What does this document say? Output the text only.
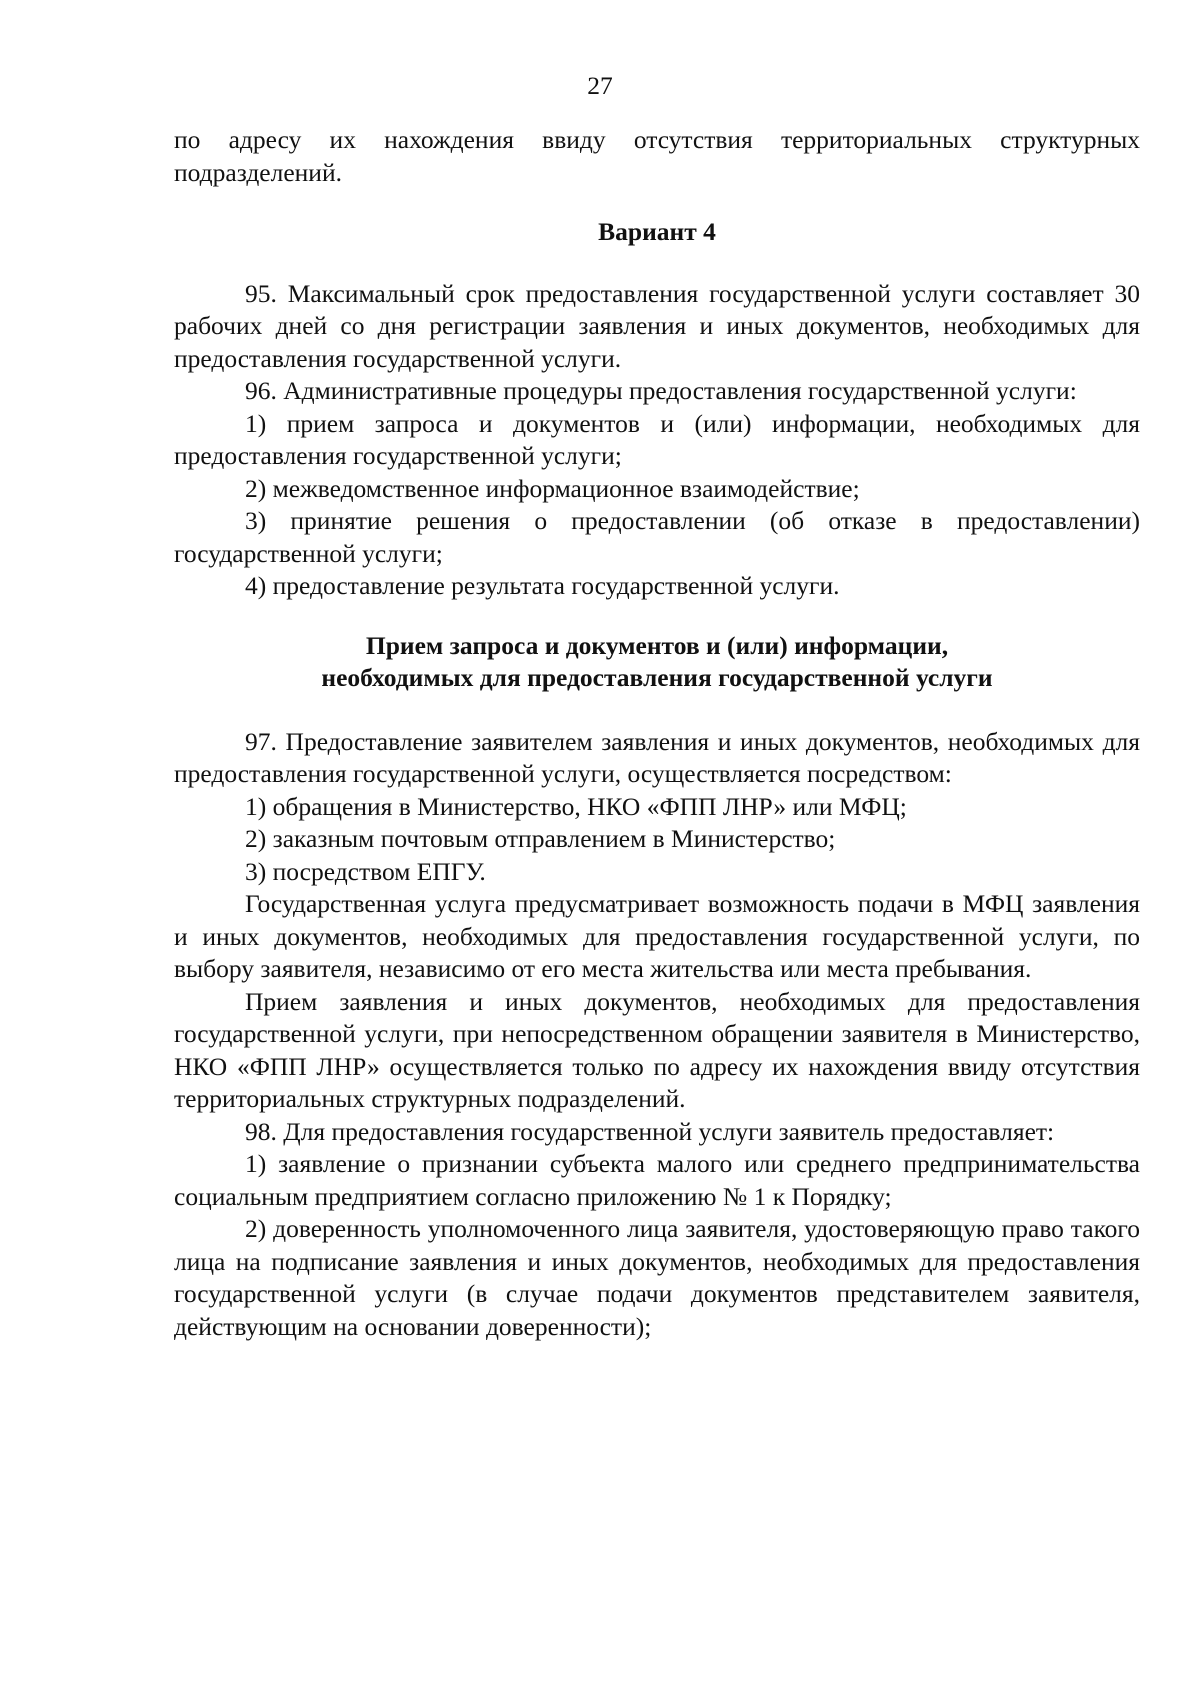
27

по адресу их нахождения ввиду отсутствия территориальных структурных подразделений.

Вариант 4

95. Максимальный срок предоставления государственной услуги составляет 30 рабочих дней со дня регистрации заявления и иных документов, необходимых для предоставления государственной услуги.

96. Административные процедуры предоставления государственной услуги:

1) прием запроса и документов и (или) информации, необходимых для предоставления государственной услуги;

2) межведомственное информационное взаимодействие;

3) принятие решения о предоставлении (об отказе в предоставлении) государственной услуги;

4) предоставление результата государственной услуги.

Прием запроса и документов и (или) информации,
необходимых для предоставления государственной услуги

97. Предоставление заявителем заявления и иных документов, необходимых для предоставления государственной услуги, осуществляется посредством:

1) обращения в Министерство, НКО «ФПП ЛНР» или МФЦ;

2) заказным почтовым отправлением в Министерство;

3) посредством ЕПГУ.

Государственная услуга предусматривает возможность подачи в МФЦ заявления и иных документов, необходимых для предоставления государственной услуги, по выбору заявителя, независимо от его места жительства или места пребывания.

Прием заявления и иных документов, необходимых для предоставления государственной услуги, при непосредственном обращении заявителя в Министерство, НКО «ФПП ЛНР» осуществляется только по адресу их нахождения ввиду отсутствия территориальных структурных подразделений.

98. Для предоставления государственной услуги заявитель предоставляет:

1) заявление о признании субъекта малого или среднего предпринимательства социальным предприятием согласно приложению № 1 к Порядку;

2) доверенность уполномоченного лица заявителя, удостоверяющую право такого лица на подписание заявления и иных документов, необходимых для предоставления государственной услуги (в случае подачи документов представителем заявителя, действующим на основании доверенности);
